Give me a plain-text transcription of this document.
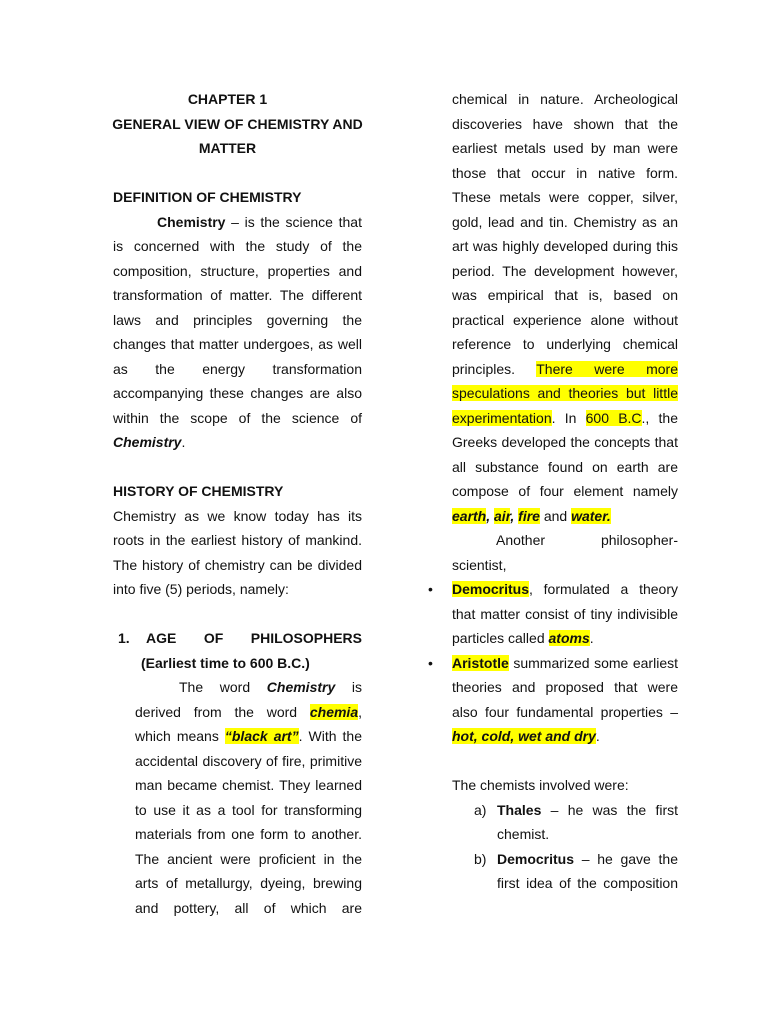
CHAPTER 1

GENERAL VIEW OF CHEMISTRY AND

MATTER

DEFINITION OF CHEMISTRY

Chemistry – is the science that

is concerned with the study of the

composition, structure, properties and

transformation of matter. The different

laws and principles governing the

changes that matter undergoes, as well

as the energy transformation

accompanying these changes are also

within the scope of the science of

Chemistry.

HISTORY OF CHEMISTRY

Chemistry as we know today has its

roots in the earliest history of mankind.

The history of chemistry can be divided

into five (5) periods, namely:

1.	AGE OF PHILOSOPHERS

(Earliest time to 600 B.C.)

The word Chemistry is

derived from the word chemia,

which means “black art”. With the

accidental discovery of fire, primitive

man became chemist. They learned

to use it as a tool for transforming

materials from one form to another.

The ancient were proficient in the

arts of metallurgy, dyeing, brewing

and pottery, all of which are

chemical in nature. Archeological

discoveries have shown that the

earliest metals used by man were

those that occur in native form.

These metals were copper, silver,

gold, lead and tin. Chemistry as an

art was highly developed during this

period. The development however,

was empirical that is, based on

practical experience alone without

reference to underlying chemical

principles. There were more

speculations and theories but little

experimentation. In 600 B.C., the

Greeks developed the concepts that

all substance found on earth are

compose of four element namely

earth, air, fire and water.

Another	philosopher-

scientist,

• Democritus, formulated a theory

that matter consist of tiny indivisible

particles called atoms.

• Aristotle summarized some earliest

theories and proposed that were

also four fundamental properties –

hot, cold, wet and dry.

The chemists involved were:

a) Thales – he was the first

chemist.

b) Democritus – he gave the

first idea of the composition
